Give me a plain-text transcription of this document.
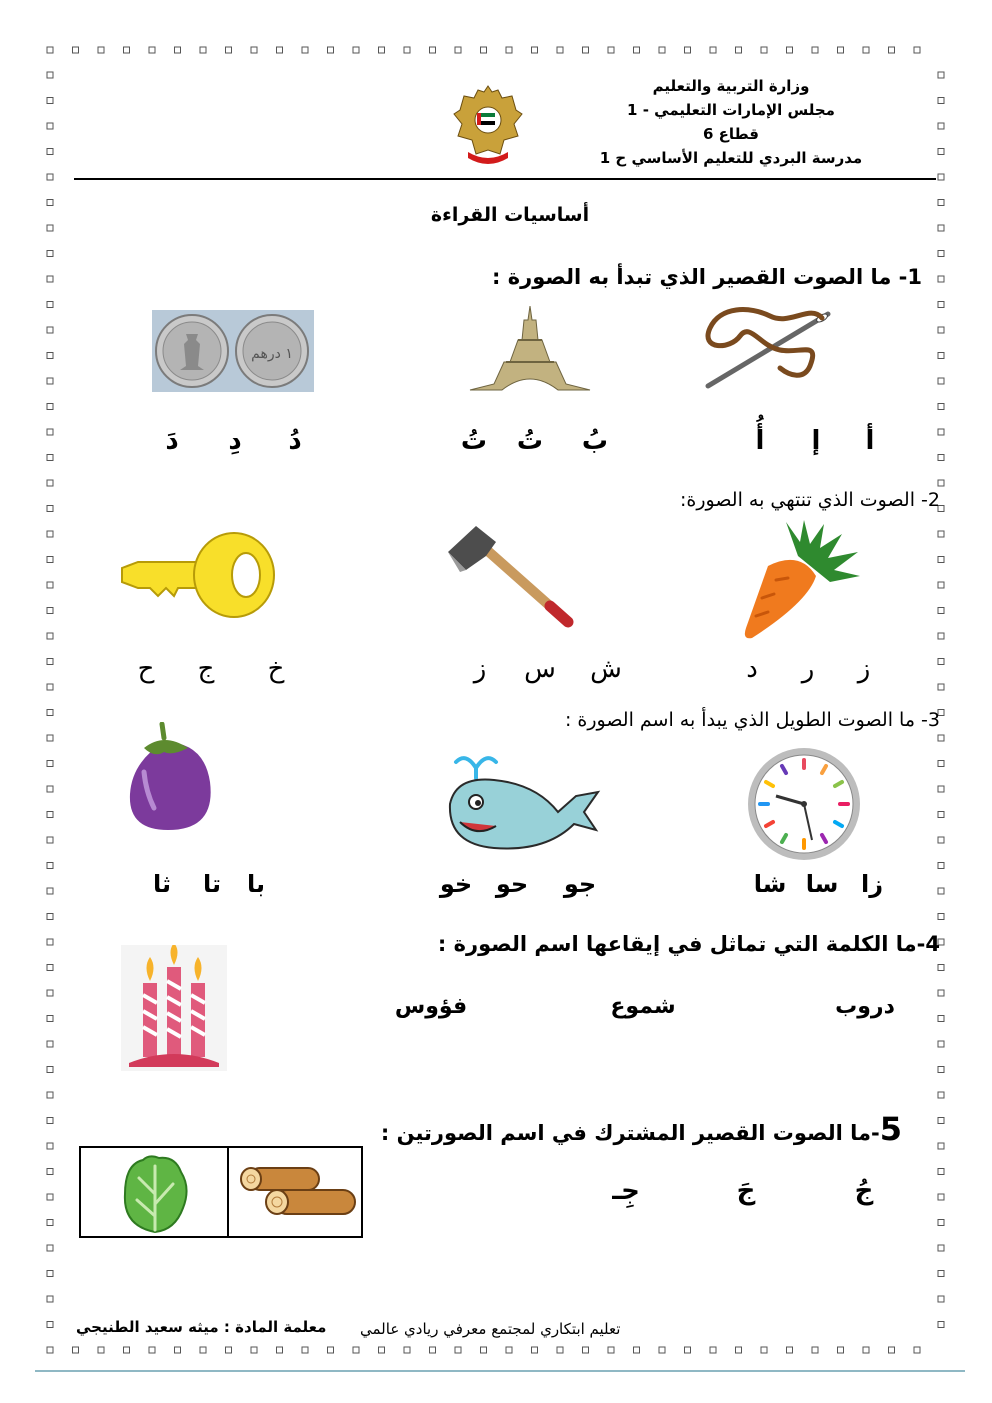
وزارة التربية والتعليم
مجلس الإمارات التعليمي - 1
قطاع 6
مدرسة البردي للتعليم الأساسي ح 1
أساسيات القراءة
1- ما الصوت القصير الذي تبدأ به الصورة :
١ درهم
أ
إ
أُ
بُ
تُ
تُ
دُ
دِ
دَ
2- الصوت الذي تنتهي به الصورة:
ز
ر
د
ش
س
ز
خ
ج
ح
3- ما الصوت الطويل الذي يبدأ به اسم الصورة :
زا
سا
شا
جو
حو
خو
با
تا
ثا
4-ما الكلمة التي تماثل في إيقاعها اسم الصورة :
دروب
شموع
فؤوس
5-ما الصوت القصير المشترك في اسم الصورتين :
جُ
جَ
جِـ
تعليم ابتكاري لمجتمع معرفي ريادي عالمي
معلمة المادة : ميثه سعيد الطنيجي
